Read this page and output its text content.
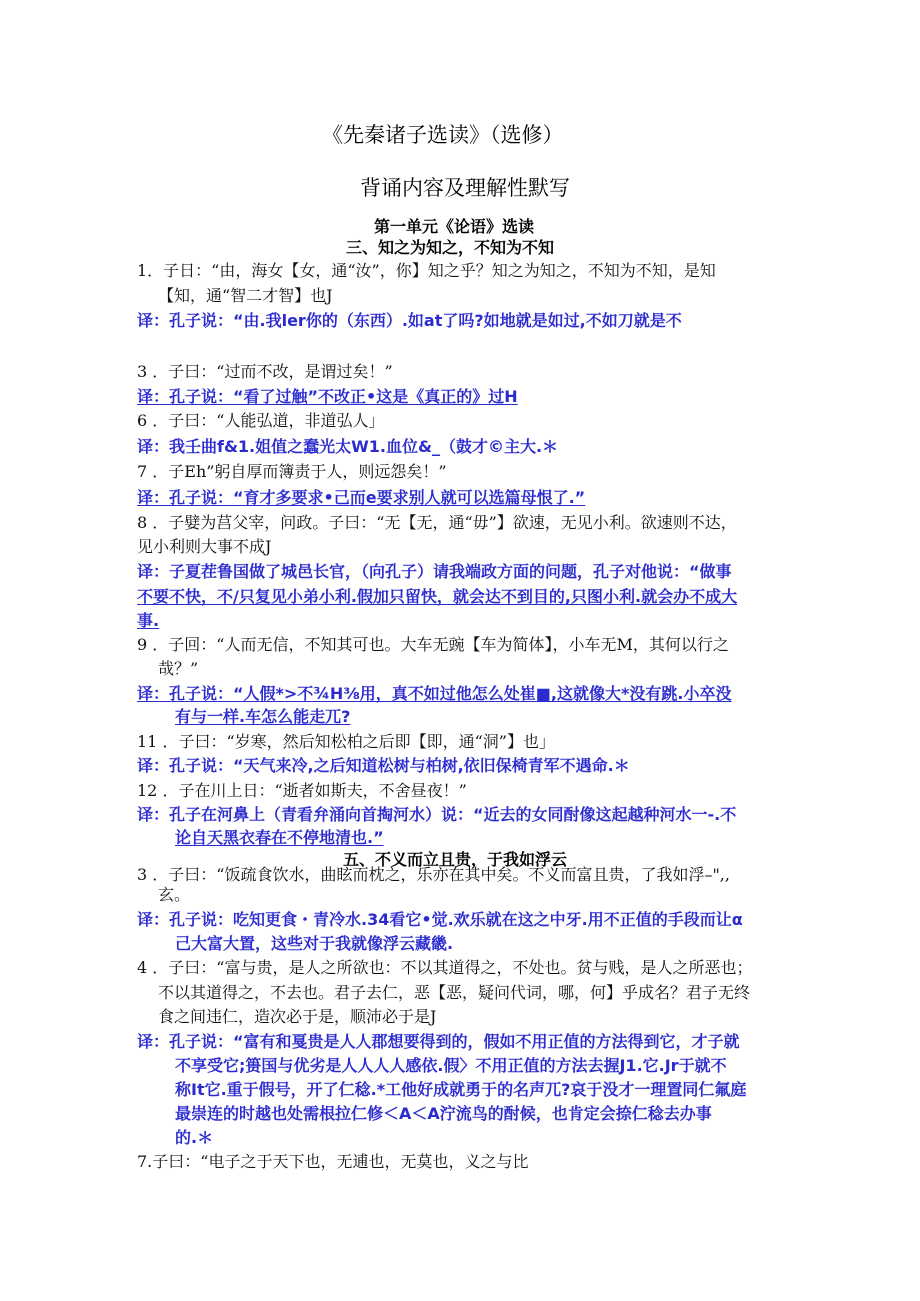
《先秦诸子选读》（选修）
背诵内容及理解性默写
第一单元《论语》选读
三、知之为知之，不知为不知
1．子日：“由，海女【女，通“汝”，你】知之乎？知之为知之，不知为不知，是知
【知，通“智二才智】也J
译：孔子说：“由.我ler你的（东西）.如at了吗?如地就是如过,不如刀就是不
3 ．子曰：“过而不改，是谓过矣！”
译：孔子说：“看了过触”不改正•这是《真正的》过H
6 ．子曰：“人能弘道，非道弘人」
译：我壬曲f&1.姐值之蠢光太W1.血位&_（鼓才©主大.＊
7 ．子Eh”躬自厚而簿责于人，则远怨矣！”
译：孔子说：“育才多要求•己而e要求别人就可以选篇母恨了.”
8 ．子嬖为莒父宰，问政。子曰：“无【无，通“毋”】欲速，无见小利。欲速则不达，
见小利则大事不成J
译：子夏茬鲁国做了城邑长官，（向孔子）请我端政方面的问题，孔子对他说：“做事
不要不快，不/只复见小弟小利.假加只留快，就会达不到目的,只图小利.就会办不成大
事.
9 ．子回：“人而无信，不知其可也。大车无豌【车为简体】，小车无M，其何以行之
哉？”
译：孔子说：“人假*>不¾H⅜用，真不如过他怎么处崔■,这就像大*没有跳.小卒没
有与一样.车怎么能走兀?
11 ．子曰：“岁寒，然后知松柏之后即【即，通“洞”】也」
译：孔子说：“天气来冷,之后知道松树与柏树,依旧保椅青军不遇命.＊
12 ．子在川上日：“逝者如斯夫，不舍昼夜！”
译：孔子在河鼻上（青看弁涌向首掏河水）说：“近去的女同酎像这起越种河水一-.不
论自天黑衣春在不停地清也.”
五、不义而立且贵，于我如浮云
3 ．子曰：“饭疏食饮水，曲眩而枕之，乐亦在其中矣。不义而富且贵，了我如浮–",,
玄。
译：孔子说：吃知更食・青冷水.34看它•觉.欢乐就在这之中牙.用不正值的手段而让α
己大富大置，这些对于我就像浮云藏畿.
4 ．子曰：“富与贵，是人之所欲也：不以其道得之，不处也。贫与贱，是人之所恶也；
不以其道得之，不去也。君子去仁，恶【恶，疑问代词，哪，何】乎成名？君子无终
食之间违仁，造次必于是，顺沛必于是J
译：孔子说：“富有和戛贵是人人郡想要得到的，假如不用正值的方法得到它，才子就
不享受它;篑国与优劣是人人人人感依.假〉不用正值的方法去握J1.它.Jr于就不
称It它.重于假号，开了仁稔.*工他好成就勇于的名声兀?哀于没才一理置同仁氟庭
最崇连的时越也处需根拉仁修＜A＜A泞流鸟的酎候，也肯定会捺仁稔去办事
的.＊
7.子曰：“电子之于天下也，无逋也，无莫也，义之与比
